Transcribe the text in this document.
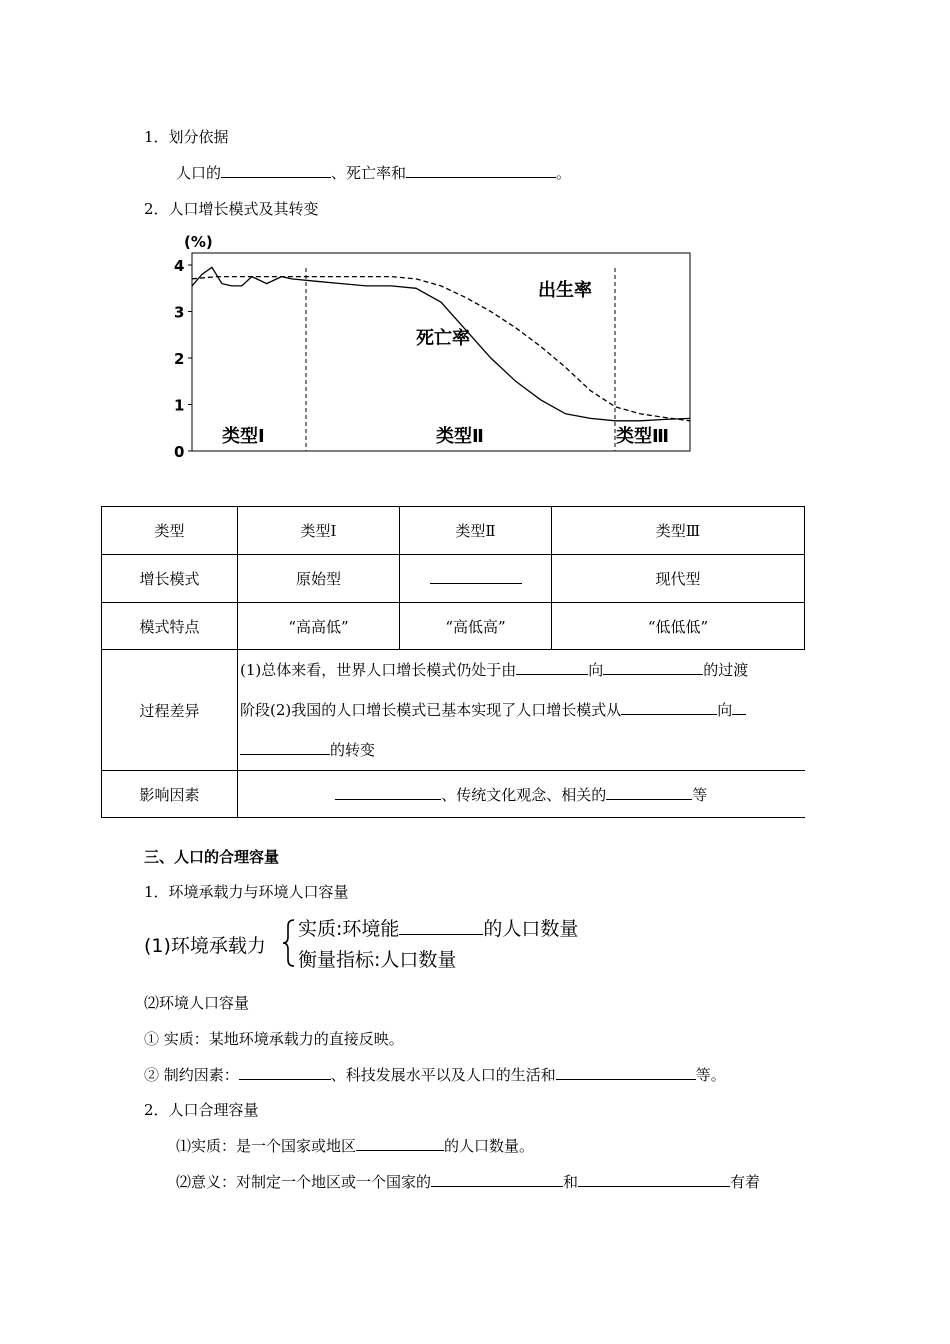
1．划分依据
人口的	、死亡率和	。
2．人口增长模式及其转变
(%)
4
3
2
1
0
出生率
死亡率
类型Ⅰ	类型Ⅱ	类型Ⅲ
类型	类型Ⅰ	类型Ⅱ	类型Ⅲ
增长模式	原始型		现代型
模式特点	“高高低”	“高低高”	“低低低”
过程差异	(1)总体来看，世界人口增长模式仍处于由 向 的过渡
阶段(2)我国的人口增长模式已基本实现了人口增长模式从 向
的转变		

影响因素	、传统文化观念、相关的 等		
三、人口的合理容量
1．环境承载力与环境人口容量
(1)环境承载力
实质:环境能	的人口数量
衡量指标:人口数量
⑵环境人口容量
① 实质：某地环境承载力的直接反映。
② 制约因素：	、科技发展水平以及人口的生活和	等。
2．人口合理容量
⑴实质：是一个国家或地区	的人口数量。
⑵意义：对制定一个地区或一个国家的	和	有着
